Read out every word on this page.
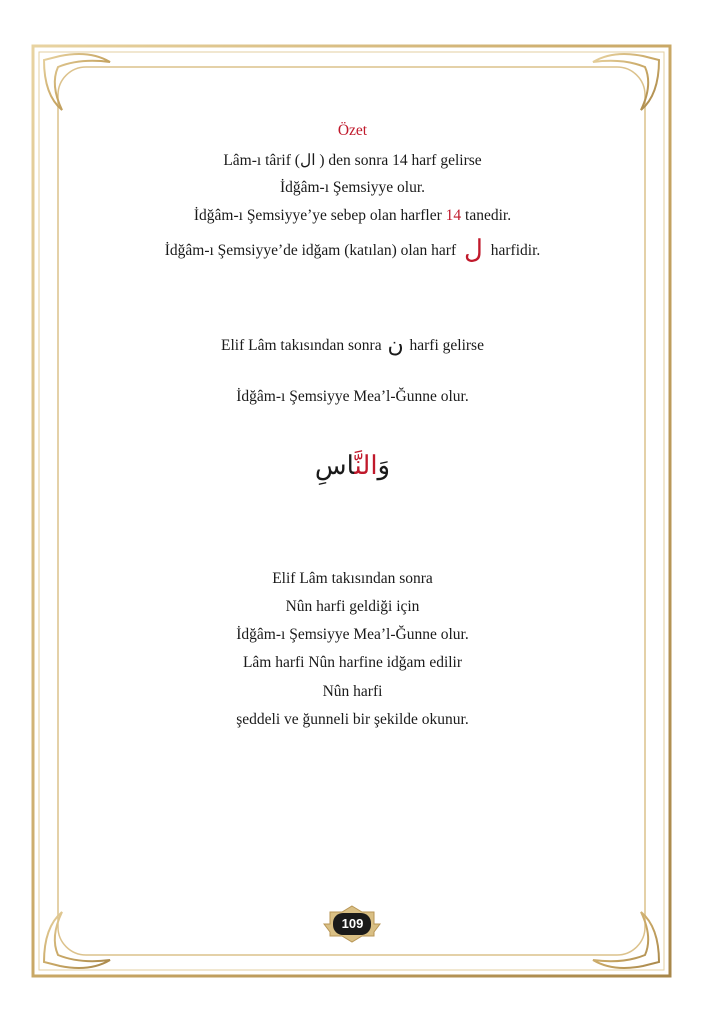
Özet
Lâm-ı târif (ال ) den sonra 14 harf gelirse
İdğâm-ı Şemsiyye olur.
İdğâm-ı Şemsiyye’ye sebep olan harfler 14 tanedir.
İdğâm-ı Şemsiyye’de idğam (katılan) olan harf ل harfidir.
Elif Lâm takısından sonra ن harfi gelirse
İdğâm-ı Şemsiyye Mea’l-Ğunne olur.
وَالنَّاسِ
Elif Lâm takısından sonra
Nûn harfi geldiği için
İdğâm-ı Şemsiyye Mea’l-Ğunne olur.
Lâm harfi Nûn harfine idğam edilir
Nûn harfi
şeddeli ve ğunneli bir şekilde okunur.
109
